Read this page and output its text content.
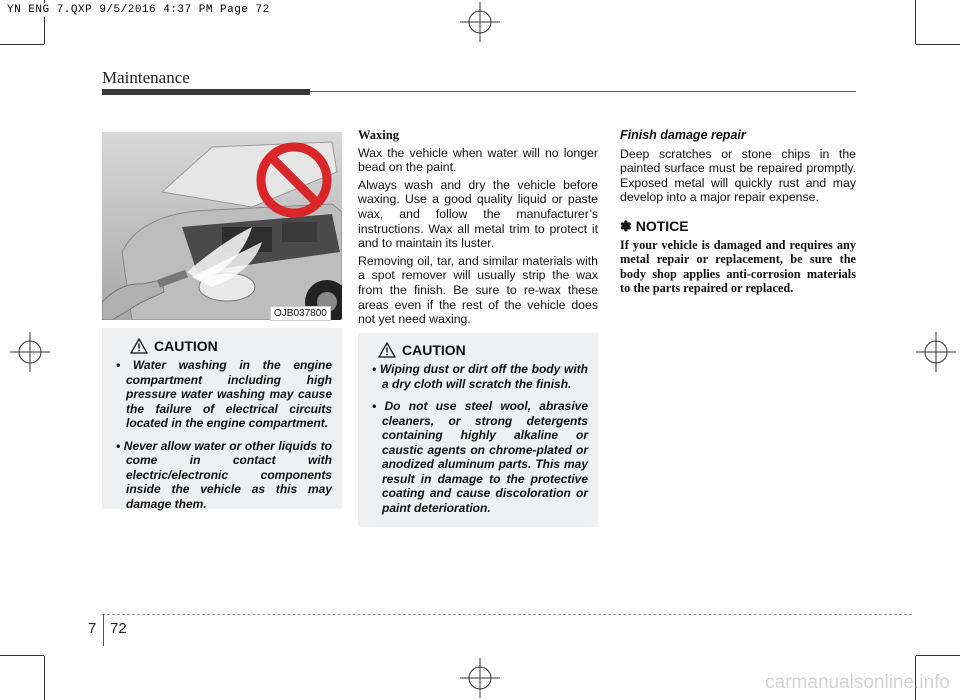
YN ENG 7.QXP 9/5/2016 4:37 PM Page 72
Maintenance
OJB037800
CAUTION
• Water washing in the engine compartment including high pressure water washing may cause the failure of electrical circuits located in the engine compartment.
• Never allow water or other liquids to come in contact with electric/electronic components inside the vehicle as this may damage them.
Waxing

Wax the vehicle when water will no longer bead on the paint.

Always wash and dry the vehicle before waxing. Use a good quality liquid or paste wax, and follow the manufacturer’s instructions. Wax all metal trim to protect it and to maintain its luster.

Removing oil, tar, and similar materials with a spot remover will usually strip the wax from the finish. Be sure to re-wax these areas even if the rest of the vehicle does not yet need waxing.

CAUTION
• Wiping dust or dirt off the body with a dry cloth will scratch the finish.
• Do not use steel wool, abrasive cleaners, or strong detergents containing highly alkaline or caustic agents on chrome-plated or anodized aluminum parts. This may result in damage to the protective coating and cause discoloration or paint deterioration.
Finish damage repair

Deep scratches or stone chips in the painted surface must be repaired promptly. Exposed metal will quickly rust and may develop into a major repair expense.

✽ NOTICE
If your vehicle is damaged and requires any metal repair or replacement, be sure the body shop applies anti-corrosion materials to the parts repaired or replaced.
7 72
carmanualsonline.info
